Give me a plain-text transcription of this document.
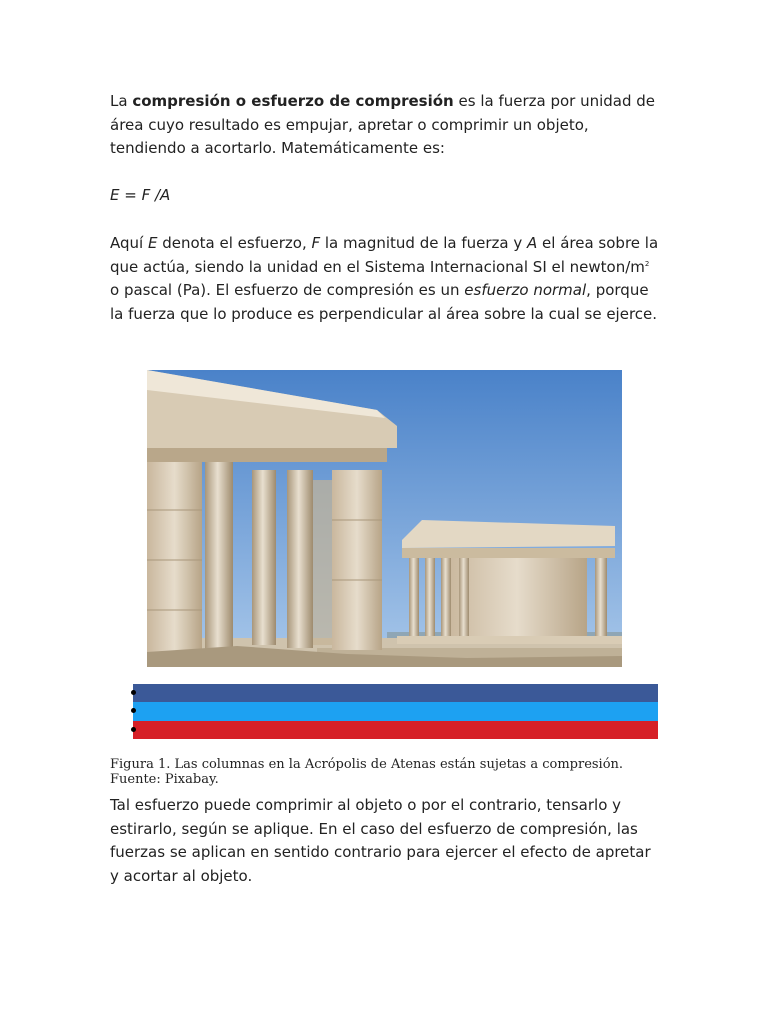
La compresión o esfuerzo de compresión es la fuerza por unidad de área cuyo resultado es empujar, apretar o comprimir un objeto, tendiendo a acortarlo. Matemáticamente es:

E = F /A

Aquí E denota el esfuerzo, F la magnitud de la fuerza y A el área sobre la que actúa, siendo la unidad en el Sistema Internacional SI el newton/$m^2$ o pascal (Pa). El esfuerzo de compresión es un esfuerzo normal, porque la fuerza que lo produce es perpendicular al área sobre la cual se ejerce.

Figura 1. Las columnas en la Acrópolis de Atenas están sujetas a compresión. Fuente: Pixabay.

Tal esfuerzo puede comprimir al objeto o por el contrario, tensarlo y estirarlo, según se aplique. En el caso del esfuerzo de compresión, las fuerzas se aplican en sentido contrario para ejercer el efecto de apretar y acortar al objeto.
